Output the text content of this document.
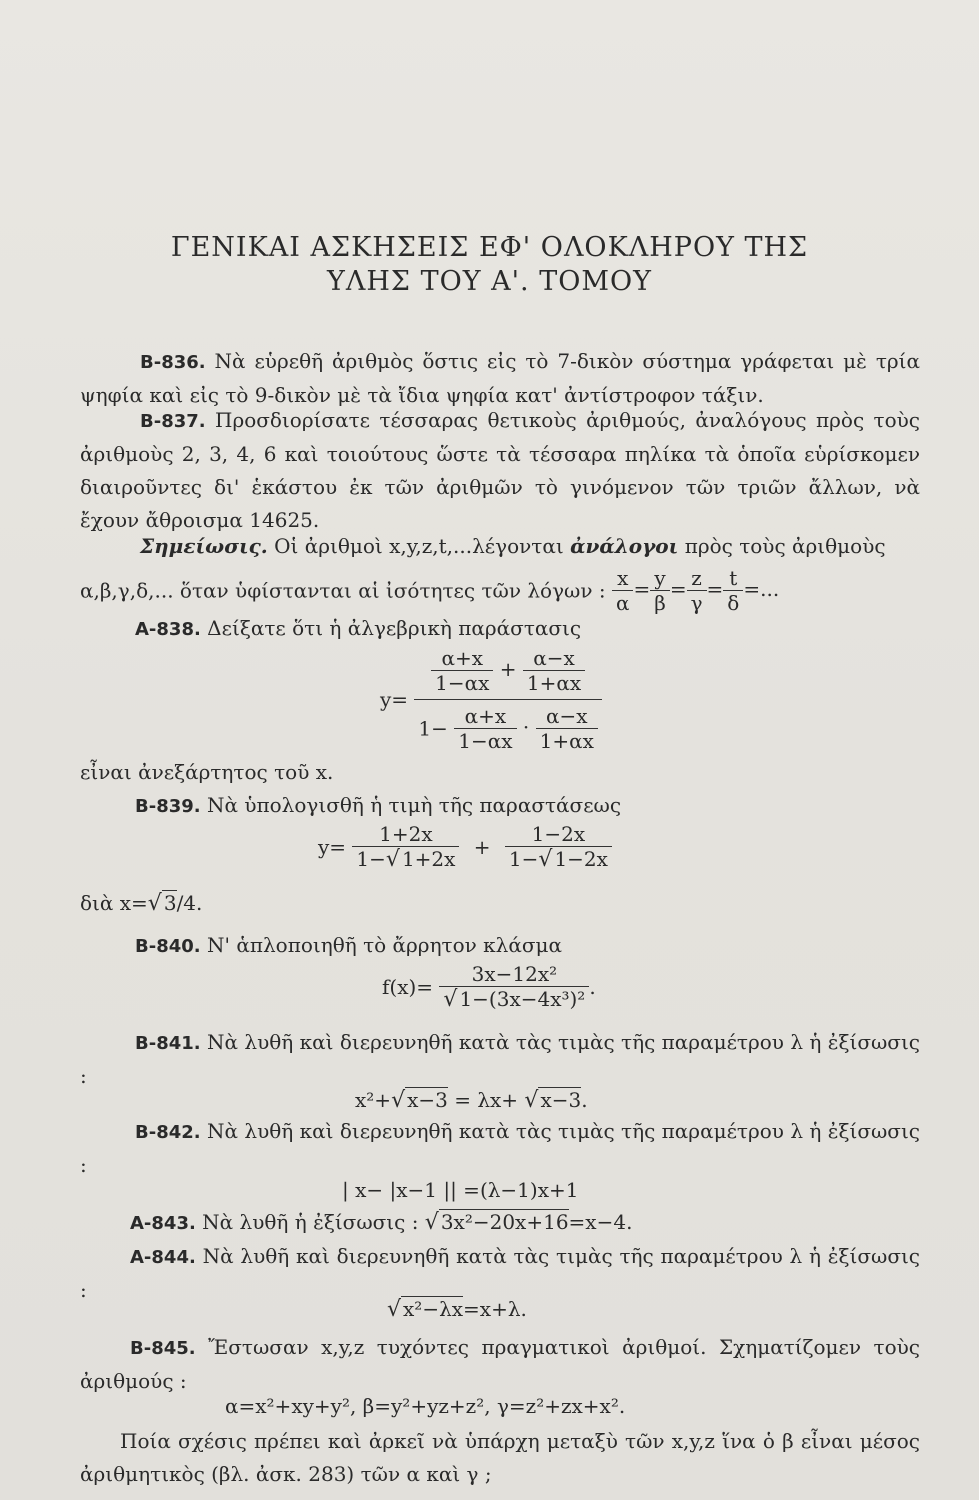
ΓΕΝΙΚΑΙ ΑΣΚΗΣΕΙΣ ΕΦ' ΟΛΟΚΛΗΡΟΥ ΤΗΣ
ΥΛΗΣ ΤΟΥ Α'. ΤΟΜΟΥ
Β-836. Νὰ εὑρεθῆ ἀριθμὸς ὅστις εἰς τὸ 7-δικὸν σύστημα γράφεται μὲ τρία ψηφία καὶ εἰς τὸ 9-δικὸν μὲ τὰ ἴδια ψηφία κατ' ἀντίστροφον τάξιν.
Β-837. Προσδιορίσατε τέσσαρας θετικοὺς ἀριθμούς, ἀναλόγους πρὸς τοὺς ἀριθμοὺς 2, 3, 4, 6 καὶ τοιούτους ὥστε τὰ τέσσαρα πηλίκα τὰ ὁποῖα εὑρίσκομεν διαιροῦντες δι' ἑκάστου ἐκ τῶν ἀριθμῶν τὸ γινόμενον τῶν τριῶν ἄλλων, νὰ ἔχουν ἄθροισμα 14625.
Σημείωσις. Οἱ ἀριθμοὶ x,y,z,t,...λέγονται ἀνάλογοι πρὸς τοὺς ἀριθμοὺς
α,β,γ,δ,... ὅταν ὑφίστανται αἱ ἰσότητες τῶν λόγων : $\frac{x}{\alpha} = \frac{y}{\beta} = \frac{z}{\gamma} = \frac{t}{\delta}$ =...
Α-838. Δείξατε ὅτι ἡ ἀλγεβρικὴ παράστασις
$y= \frac{\frac{\alpha+x}{1-\alpha x} + \frac{\alpha-x}{1+\alpha x}}{1- \frac{\alpha+x}{1-\alpha x} \cdot \frac{\alpha-x}{1+\alpha x}}$
εἶναι ἀνεξάρτητος τοῦ x.
Β-839. Νὰ ὑπολογισθῆ ἡ τιμὴ τῆς παραστάσεως
$y= \frac{1+2x}{1-√ 1+2x} + \frac{1-2x}{1-√ 1-2x}$
διὰ x=√ 3/4.
Β-840. Ν' ἁπλοποιηθῆ τὸ ἄρρητον κλάσμα
$f(x)= \frac{\text{3x−12x²}}{\text{√ 1−(3x−4x³)²}}$ .
Β-841. Νὰ λυθῆ καὶ διερευνηθῆ κατὰ τὰς τιμὰς τῆς παραμέτρου λ ἡ ἐξίσωσις :
x²+√ x−3 = λx+ √ x−3.
Β-842. Νὰ λυθῆ καὶ διερευνηθῆ κατὰ τὰς τιμὰς τῆς παραμέτρου λ ἡ ἐξίσωσις :
| x− |x−1 || =(λ−1)x+1
Α-843. Νὰ λυθῆ ἡ ἐξίσωσις : √ 3x²−20x+16=x−4.
Α-844. Νὰ λυθῆ καὶ διερευνηθῆ κατὰ τὰς τιμὰς τῆς παραμέτρου λ ἡ ἐξίσωσις :
√ x²−λx=x+λ.
Β-845. Ἔστωσαν x,y,z τυχόντες πραγματικοὶ ἀριθμοί. Σχηματίζομεν τοὺς ἀριθμούς :
α=x²+xy+y², β=y²+yz+z², γ=z²+zx+x².
Ποία σχέσις πρέπει καὶ ἀρκεῖ νὰ ὑπάρχη μεταξὺ τῶν x,y,z ἵνα ὁ β εἶναι μέσος ἀριθμητικὸς (βλ. ἀσκ. 283) τῶν α καὶ γ ;
